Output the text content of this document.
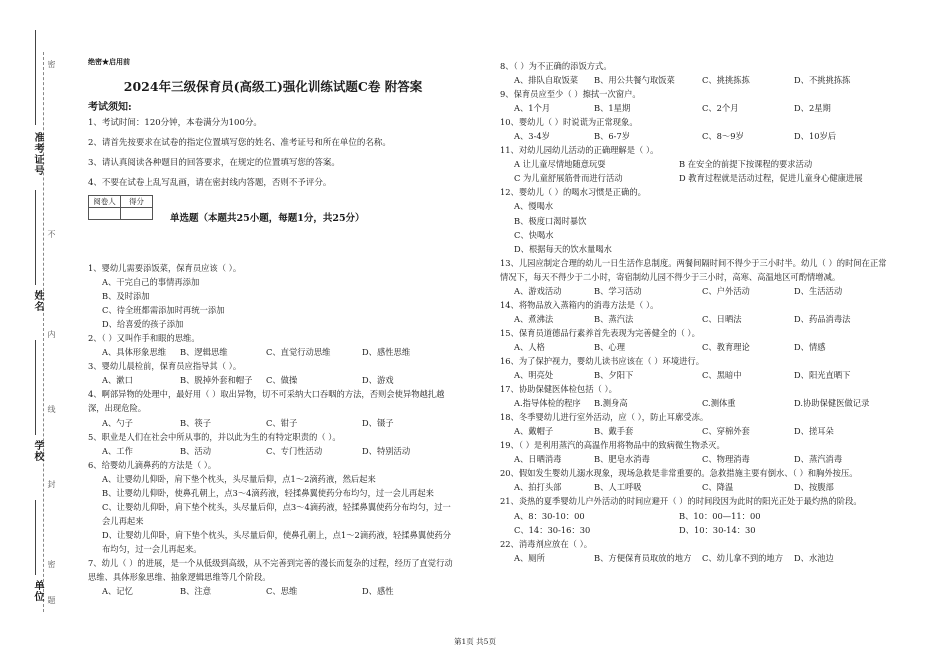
准考证号
姓名
学校
单位
密
不
内
线
封
密
题
绝密★启用前
2024年三级保育员(高级工)强化训练试题C卷 附答案
考试须知:
1、考试时间：120分钟，本卷满分为100分。
2、请首先按要求在试卷的指定位置填写您的姓名、准考证号和所在单位的名称。
3、请认真阅读各种题目的回答要求，在规定的位置填写您的答案。
4、不要在试卷上乱写乱画，请在密封线内答题，否则不予评分。
阅卷人	得分

单选题（本题共25小题，每题1分，共25分）
1、婴幼儿需要添饭菜，保育员应该（ ）。
A、干完自己的事情再添加
B、及时添加
C、待全班都需添加时再统一添加
D、给喜爱的孩子添加
2、（ ）又叫作手和眼的思维。
A、具体形象思维	B、逻辑思维	C、直觉行动思维	D、感性思维
3、婴幼儿晨检前，保育员应指导其（ ）。
A、漱口	B、脱掉外套和帽子	C、做操	D、游戏
4、啊部异物的处理中，最好用（ ）取出异物，切不可采纳大口吞咽的方法，否则会使异物越扎越深，出现危险。
A、勺子	B、筷子	C、钳子	D、镊子
5、职业是人们在社会中所从事的，并以此为生的有特定职责的（ ）。
A、工作	B、活动	C、专门性活动	D、特别活动
6、给婴幼儿滴鼻药的方法是（ ）。
A、让婴幼儿仰卧，肩下垫个枕头，头尽量后仰，点1～2滴药液，然后起来
B、让婴幼儿仰卧，使鼻孔朝上，点3～4滴药液，轻揉鼻翼使药分布均匀，过一会儿再起来
C、让婴幼儿仰卧，肩下垫个枕头，头尽量后仰，点3～4滴药液，轻揉鼻翼使药分布均匀，过一会儿再起来
D、让婴幼儿仰卧，肩下垫个枕头，头尽量后仰，使鼻孔朝上，点1～2滴药液，轻揉鼻翼使药分布均匀，过一会儿再起来。
7、幼儿（ ）的进展，是一个从低级到高级，从不完善到完善的漫长而复杂的过程，经历了直觉行动思维、具体形象思维、抽象逻辑思维等几个阶段。
A、记忆	B、注意	C、思维	D、感性
8、（ ）为不正确的添饭方式。
A、排队自取饭菜	B、用公共餐勺取饭菜	C、挑挑拣拣	D、不挑挑拣拣
9、保育员应至少（ ）擦拭一次窗户。
A、1个月	B、1星期	C、2个月	D、2星期
10、婴幼儿（ ）时说谎为正常现象。
A、3-4岁	B、6-7岁	C、8～9岁	D、10岁后
11、对幼儿园幼儿活动的正确理解是（ ）。
A 让儿童尽情地随意玩耍	B 在安全的前提下按课程的要求活动
C 为儿童舒展筋骨而进行活动	D 教育过程就是活动过程，促进儿童身心健康进展
12、婴幼儿（ ）的喝水习惯是正确的。
A、慢喝水
B、极度口渴时暴饮
C、快喝水
D、根据每天的饮水量喝水
13、儿园应制定合理的幼儿一日生活作息制度。两餐间隔时间不得少于三小时半。幼儿（ ）的时间在正常情况下，每天不得少于二小时，寄宿制幼儿园不得少于三小时，高寒、高温地区可酌情增减。
A、游戏活动	B、学习活动	C、户外活动	D、生活活动
14、将物品放入蒸箱内的消毒方法是（ ）。
A、煮沸法	B、蒸汽法	C、日晒法	D、药品消毒法
15、保育员道德品行素养首先表现为完善健全的（ ）。
A、人格	B、心理	C、教育理论	D、情感
16、为了保护视力，婴幼儿读书应该在（ ）环境进行。
A、明亮处	B、夕阳下	C、黑暗中	D、阳光直晒下
17、协助保健医体检包括（ ）。
A.指导体检的程序	B.测身高	C.测体重	D.协助保健医做记录
18、冬季婴幼儿进行室外活动，应（ ），防止耳廓受冻。
A、戴帽子	B、戴手套	C、穿棉外套	D、搓耳朵
19、（ ）是利用蒸汽的高温作用将物品中的致病微生物杀灭。
A、日晒消毒	B、肥皂水消毒	C、物理消毒	D、蒸汽消毒
20、假如发生婴幼儿溺水现象，现场急救是非常重要的。急救措施主要有倒水、（ ）和胸外按压。
A、拍打头部	B、人工呼吸	C、降温	D、按腹部
21、炎热的夏季婴幼儿户外活动的时间应避开（ ）的时间段因为此时的阳光正处于最灼热的阶段。
A、8：30-10：00	B、10：00—11：00
C、14：30-16：30	D、10：30-14：30
22、消毒剂应放在（ ）。
A、厕所	B、方便保育员取放的地方	C、幼儿拿不到的地方	D、水池边
第1页 共5页
